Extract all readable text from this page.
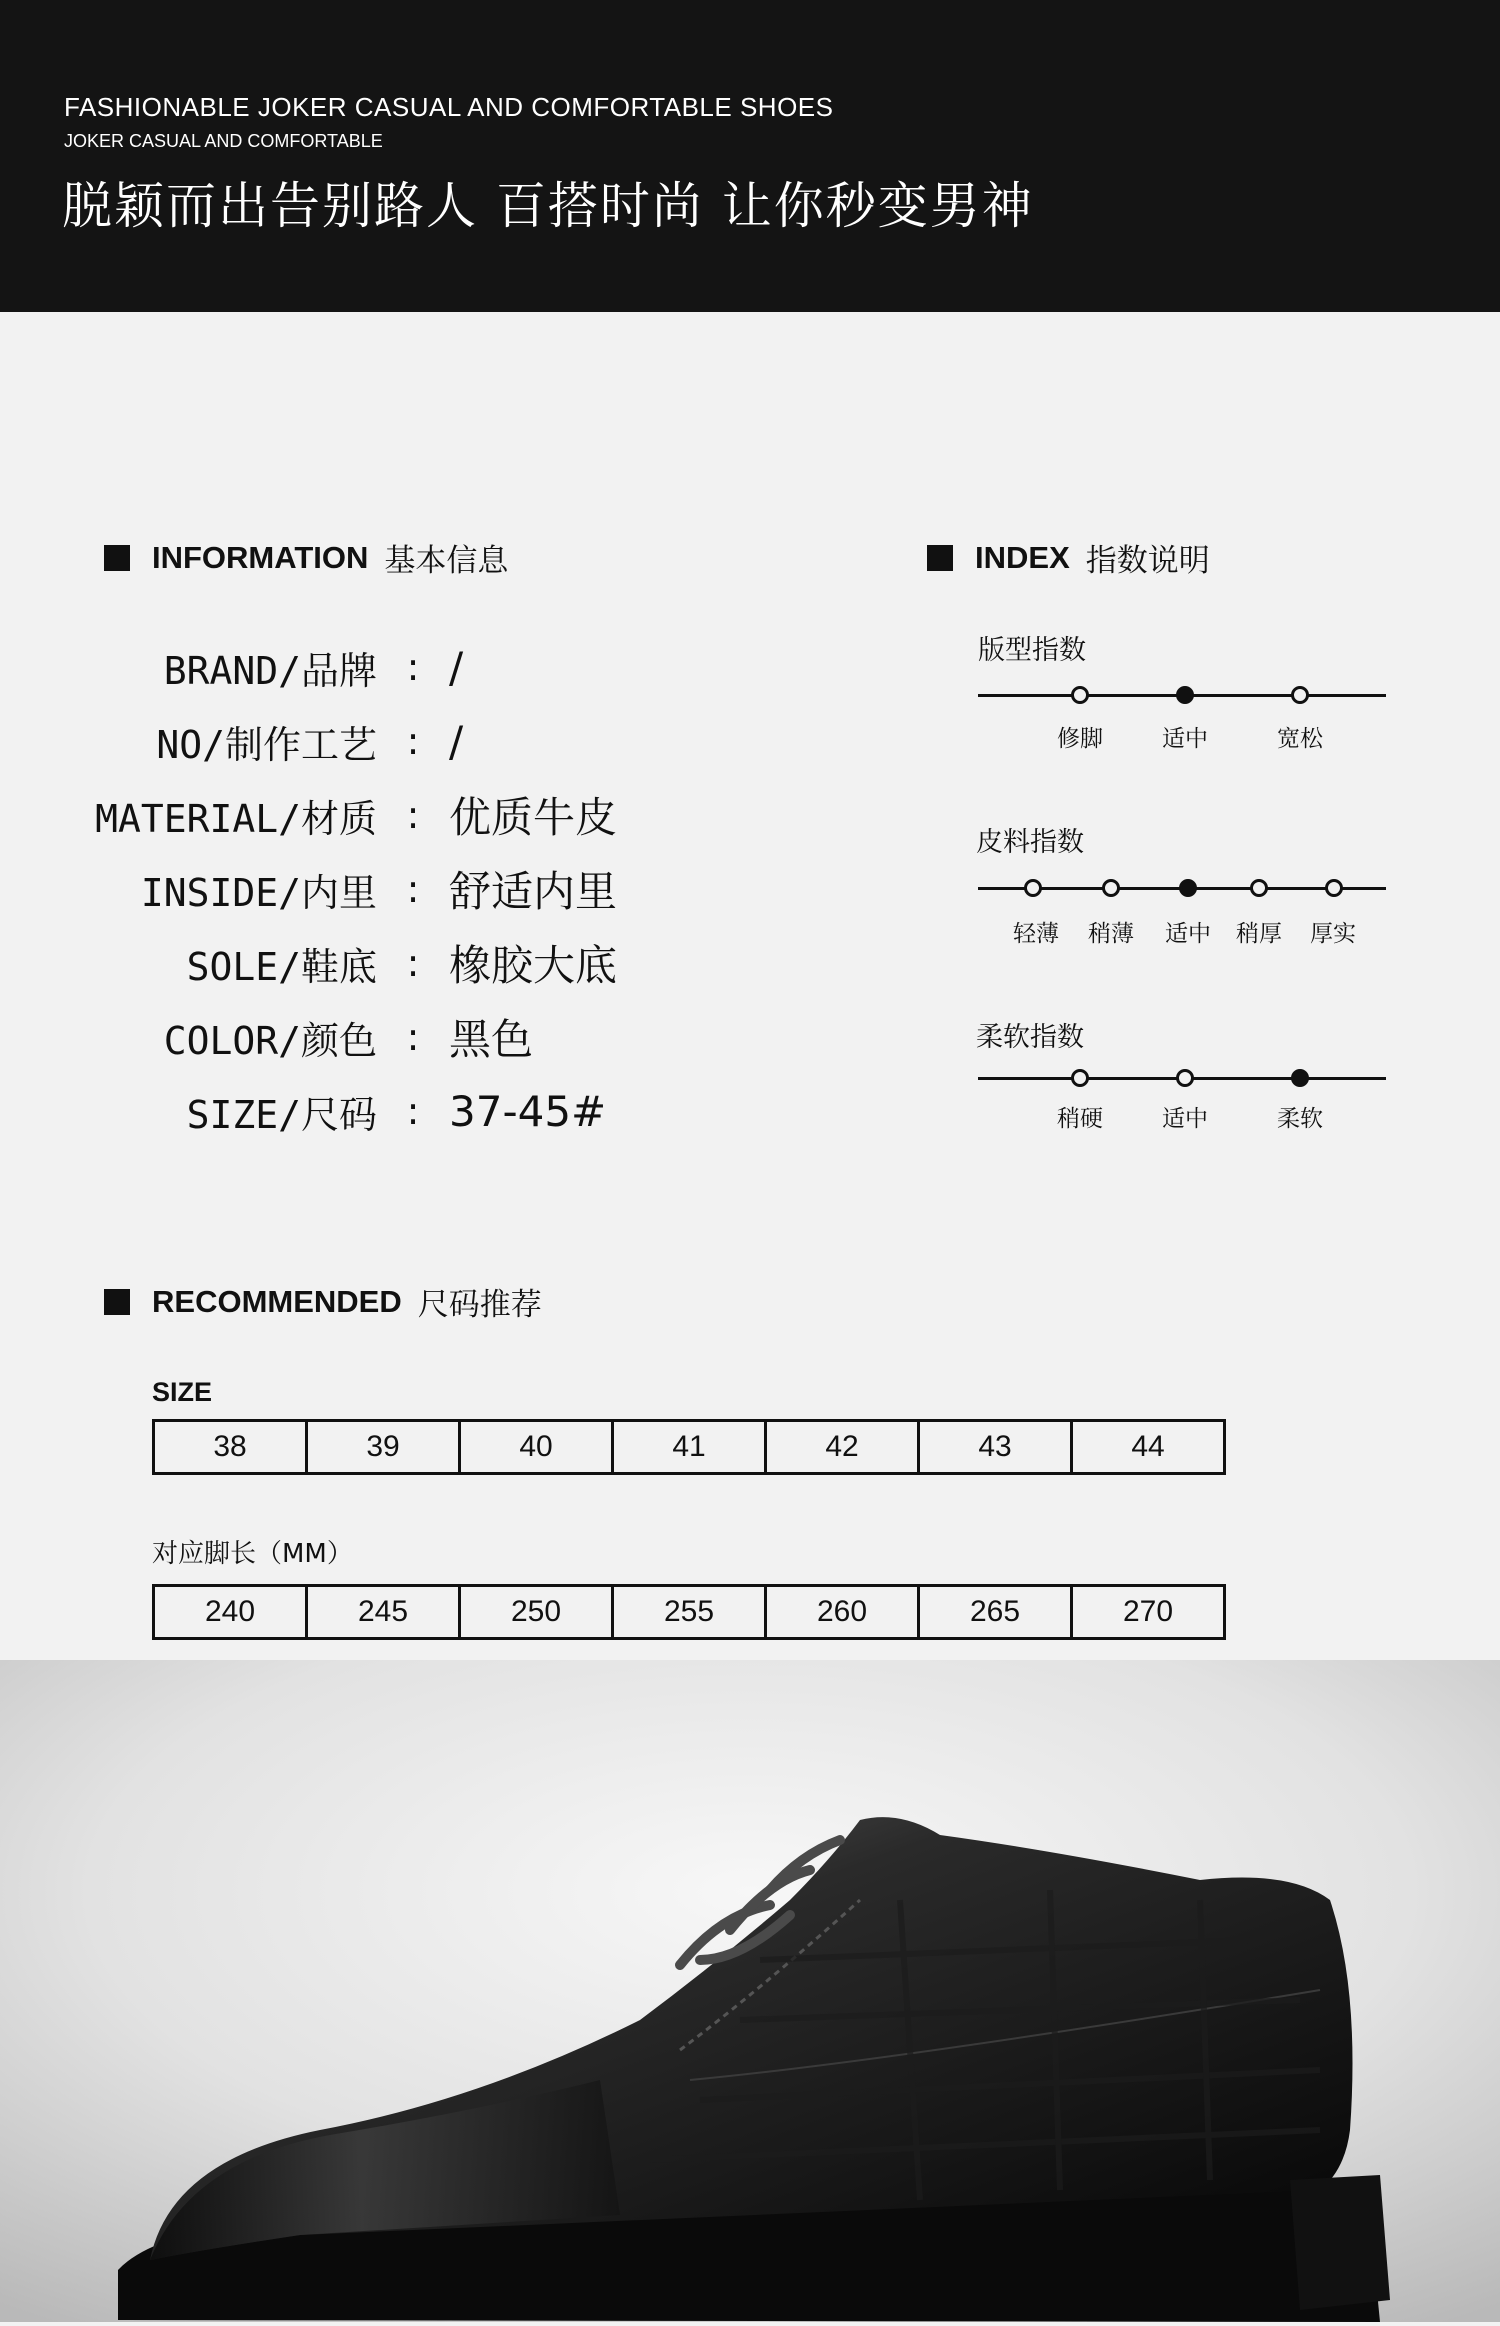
FASHIONABLE JOKER CASUAL AND COMFORTABLE SHOES
JOKER CASUAL AND COMFORTABLE
脱颖而出告别路人 百搭时尚 让你秒变男神
INFORMATION 基本信息
BRAND/品牌 : /
NO/制作工艺 : /
MATERIAL/材质 : 优质牛皮
INSIDE/内里 : 舒适内里
SOLE/鞋底 : 橡胶大底
COLOR/颜色 : 黑色
SIZE/尺码 : 37-45#
INDEX 指数说明
版型指数
修脚	适中	宽松
皮料指数
轻薄 稍薄 适中 稍厚 厚实
柔软指数
稍硬	适中	柔软
RECOMMENDED 尺码推荐
SIZE
38	39	40	41	42	43	44
对应脚长（MM）
240	245	250	255	260	265	270
